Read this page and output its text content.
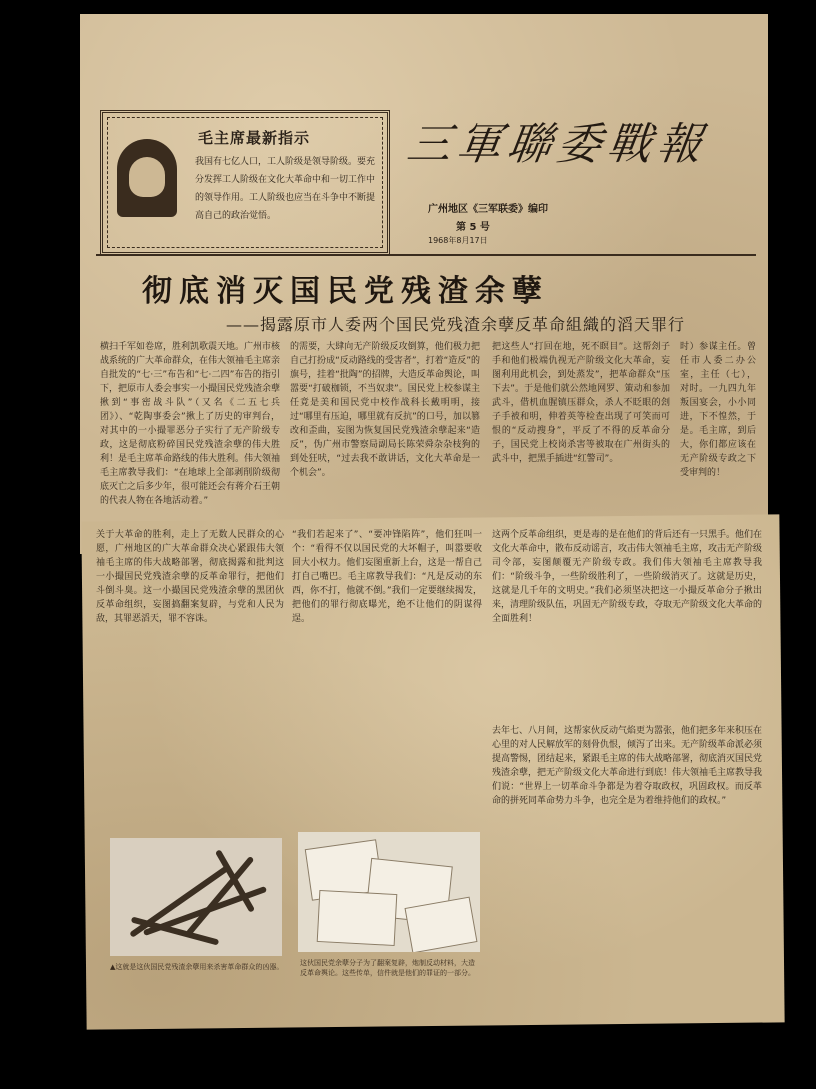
毛主席最新指示
我国有七亿人口，工人阶级是领导阶级。要充分发挥工人阶级在文化大革命中和一切工作中的领导作用。工人阶级也应当在斗争中不断提高自己的政治觉悟。
三軍聯委戰報
广州地区《三军联委》编印
第 5 号
1968年8月17日
彻底消灭国民党残渣余孽
——揭露原市人委两个国民党残渣余孽反革命組織的滔天罪行
横扫千军如卷席，胜利凯歌震天地。广州市核战系统的广大革命群众，在伟大领袖毛主席亲自批发的“七·三”布告和“七·二四”布告的指引下，把原市人委会事实一小撮国民党残渣余孽揪到“事密战斗队”（又名《二五七兵团》）、“乾陶事委会”揪上了历史的审判台，对其中的一小撮罪恶分子实行了无产阶级专政，这是彻底粉碎国民党残渣余孽的伟大胜利！是毛主席革命路线的伟大胜利。伟大领袖毛主席教导我们：“在地球上全部剥削阶级彻底灭亡之后多少年，很可能还会有蒋介石王朝的代表人物在各地活动着。”
的需要，大肆向无产阶级反攻倒算，他们极力把自己打扮成“反动路线的受害者”，打着“造反”的旗号，挂着“批陶”的招牌，大造反革命舆论，叫嚣要“打破枷锁，不当奴隶”。国民党上校参谋主任竟是美和国民党中校作战科长戴明明，接过“哪里有压迫，哪里就有反抗”的口号，加以篡改和歪曲，妄图为恢复国民党残渣余孽起来“造反”，伪广州市警察局副局长陈荣舜杂杂枝狗的到处狂吠，“过去我不敢讲话，文化大革命是一个机会”。
把这些人“打回在地，死不瞑目”。这帮刽子手和他们极端仇视无产阶级文化大革命，妄图利用此机会，到处蒸发”，把革命群众“压下去”。于是他们就公然地网罗、策动和参加武斗，借机血腥镇压群众，杀人不眨眼的刽子手被和明，伸着英等检查出现了可笑而可恨的“反动搜身”，平反了不得的反革命分子，国民党上校岗杀害等被取在广州街头的武斗中，把黑手插进“红警司”。
时）参谋主任。曾任市人委二办公室，主任（七），对时。一九四九年叛国宴会，小小同进，下不惶然，于是。毛主席，到后大，你们都应该在无产阶级专政之下受审判的！
关于大革命的胜利，走上了无数人民群众的心愿，广州地区的广大革命群众决心紧跟伟大领袖毛主席的伟大战略部署，彻底揭露和批判这一小撮国民党残渣余孽的反革命罪行，把他们斗倒斗臭。这一小撮国民党残渣余孽的黑团伙反革命组织，妄图搞翻案复辟，与党和人民为敌，其罪恶滔天，罪不容诛。
“我们若起来了”、“要冲锋陷阵”，他们狂叫一个：“看得不仅以国民党的大坏帽子，叫嚣要收回大小权力。他们妄图重新上台，这是一帮自己打自己嘴巴。毛主席教导我们：“凡是反动的东西，你不打，他就不倒。”我们一定要继续揭发，把他们的罪行彻底曝光，绝不让他们的阴谋得逞。
这两个反革命组织，更是毒的是在他们的背后还有一只黑手。他们在文化大革命中，散布反动谣言，攻击伟大领袖毛主席，攻击无产阶级司令部，妄图颠覆无产阶级专政。我们伟大领袖毛主席教导我们：“阶级斗争，一些阶级胜利了，一些阶级消灭了。这就是历史，这就是几千年的文明史。”我们必须坚决把这一小撮反革命分子揪出来，清理阶级队伍，巩固无产阶级专政，夺取无产阶级文化大革命的全面胜利！
去年七、八月间，这帮家伙反动气焰更为嚣张，他们把多年来积压在心里的对人民解放军的刻骨仇恨，倾泻了出来。无产阶级革命派必须提高警惕，团结起来，紧跟毛主席的伟大战略部署，彻底消灭国民党残渣余孽，把无产阶级文化大革命进行到底！伟大领袖毛主席教导我们说：“世界上一切革命斗争都是为着夺取政权，巩固政权。而反革命的拼死同革命势力斗争，也完全是为着维持他们的政权。”
▲这就是这伙国民党残渣余孽用来杀害革命群众的凶器。	这伙国民党余孽分子为了翻案复辟，炮制反动材料，大造反革命舆论。这些传单，信件就是他们的罪证的一部分。
